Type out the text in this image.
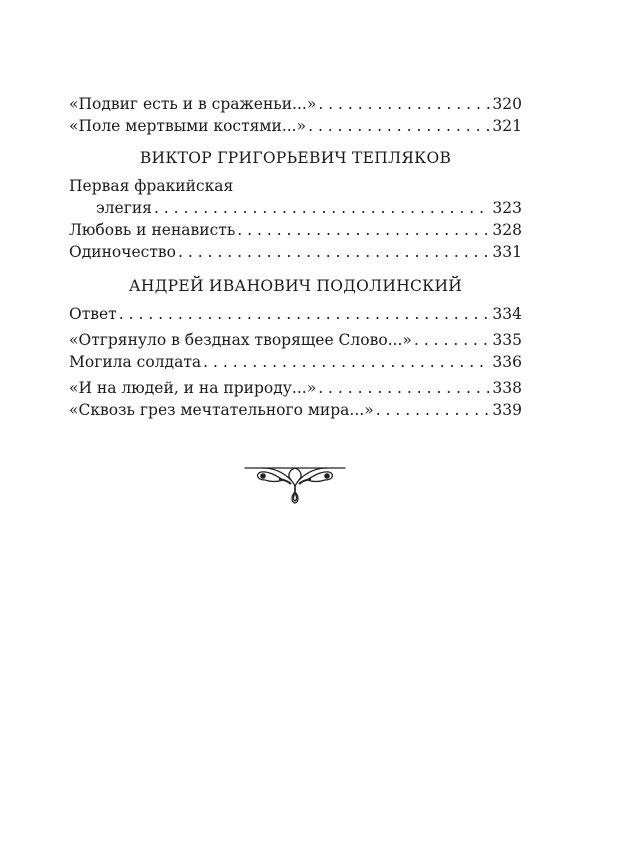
«Подвиг есть и в сраженьи...» . . .	320
«Поле мертвыми костями...» . . .	321
ВИКТОР ГРИГОРЬЕВИЧ ТЕПЛЯКОВ
Первая фракийская
элегия . . .	323
Любовь и ненависть . . .	328
Одиночество . . .	331
АНДРЕЙ ИВАНОВИЧ ПОДОЛИНСКИЙ
Ответ . . .	334
«Отгрянуло в безднах творящее Слово...» . . .	335
Могила солдата . . .	336
«И на людей, и на природу...» . . .	338
«Сквозь грез мечтательного мира...» . . .	339
